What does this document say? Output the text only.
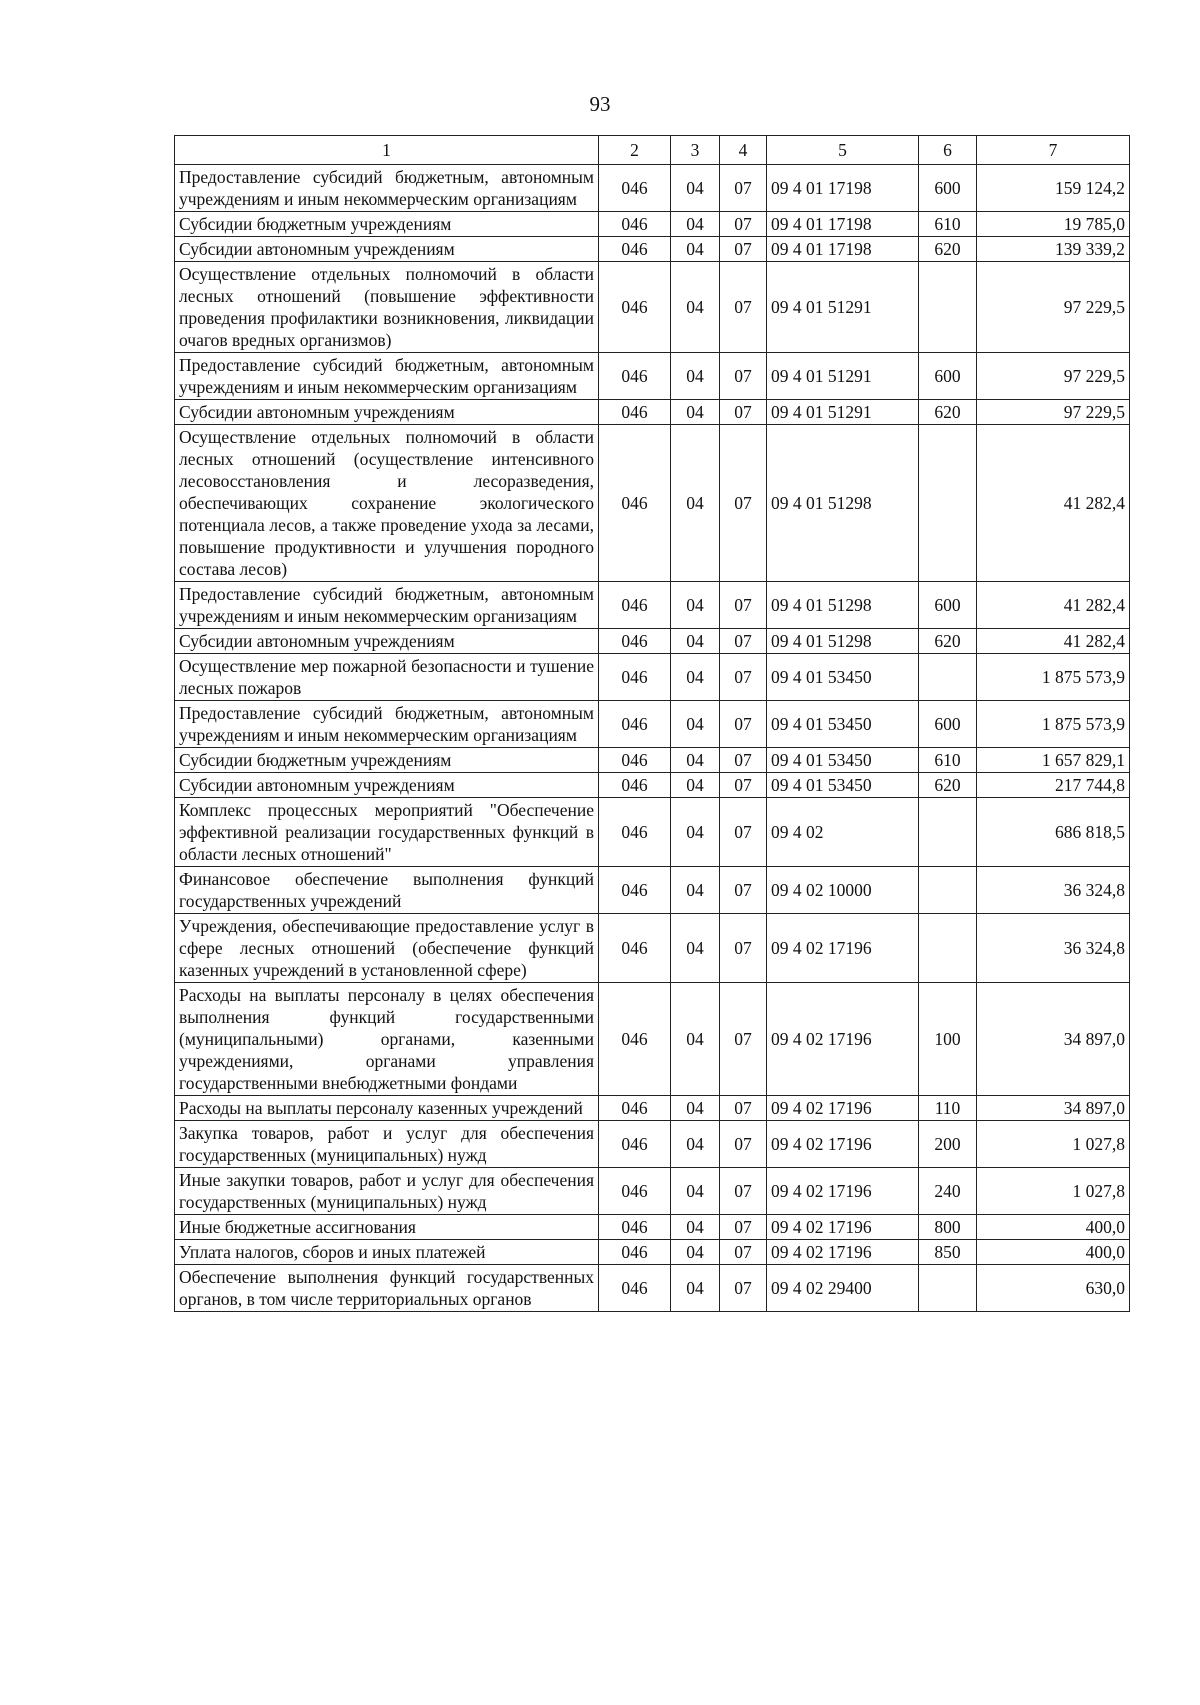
93
1	2	3	4	5	6	7
Предоставление субсидий бюджетным, автономным учреждениям и иным некоммерческим организациям	046	04	07	09 4 01 17198	600	159 124,2
Субсидии бюджетным учреждениям	046	04	07	09 4 01 17198	610	19 785,0
Субсидии автономным учреждениям	046	04	07	09 4 01 17198	620	139 339,2
Осуществление отдельных полномочий в области лесных отношений (повышение эффективности проведения профилактики возникновения, ликвидации очагов вредных организмов)	046	04	07	09 4 01 51291		97 229,5
Предоставление субсидий бюджетным, автономным учреждениям и иным некоммерческим организациям	046	04	07	09 4 01 51291	600	97 229,5
Субсидии автономным учреждениям	046	04	07	09 4 01 51291	620	97 229,5
Осуществление отдельных полномочий в области лесных отношений (осуществление интенсивного лесовосстановления и лесоразведения, обеспечивающих сохранение экологического потенциала лесов, а также проведение ухода за лесами, повышение продуктивности и улучшения породного состава лесов)	046	04	07	09 4 01 51298		41 282,4
Предоставление субсидий бюджетным, автономным учреждениям и иным некоммерческим организациям	046	04	07	09 4 01 51298	600	41 282,4
Субсидии автономным учреждениям	046	04	07	09 4 01 51298	620	41 282,4
Осуществление мер пожарной безопасности и тушение лесных пожаров	046	04	07	09 4 01 53450		1 875 573,9
Предоставление субсидий бюджетным, автономным учреждениям и иным некоммерческим организациям	046	04	07	09 4 01 53450	600	1 875 573,9
Субсидии бюджетным учреждениям	046	04	07	09 4 01 53450	610	1 657 829,1
Субсидии автономным учреждениям	046	04	07	09 4 01 53450	620	217 744,8
Комплекс процессных мероприятий "Обеспечение эффективной реализации государственных функций в области лесных отношений"	046	04	07	09 4 02		686 818,5
Финансовое обеспечение выполнения функций государственных учреждений	046	04	07	09 4 02 10000		36 324,8
Учреждения, обеспечивающие предоставление услуг в сфере лесных отношений (обеспечение функций казенных учреждений в установленной сфере)	046	04	07	09 4 02 17196		36 324,8
Расходы на выплаты персоналу в целях обеспечения выполнения функций государственными (муниципальными) органами, казенными учреждениями, органами управления государственными внебюджетными фондами	046	04	07	09 4 02 17196	100	34 897,0
Расходы на выплаты персоналу казенных учреждений	046	04	07	09 4 02 17196	110	34 897,0
Закупка товаров, работ и услуг для обеспечения государственных (муниципальных) нужд	046	04	07	09 4 02 17196	200	1 027,8
Иные закупки товаров, работ и услуг для обеспечения государственных (муниципальных) нужд	046	04	07	09 4 02 17196	240	1 027,8
Иные бюджетные ассигнования	046	04	07	09 4 02 17196	800	400,0
Уплата налогов, сборов и иных платежей	046	04	07	09 4 02 17196	850	400,0
Обеспечение выполнения функций государственных органов, в том числе территориальных органов	046	04	07	09 4 02 29400		630,0
